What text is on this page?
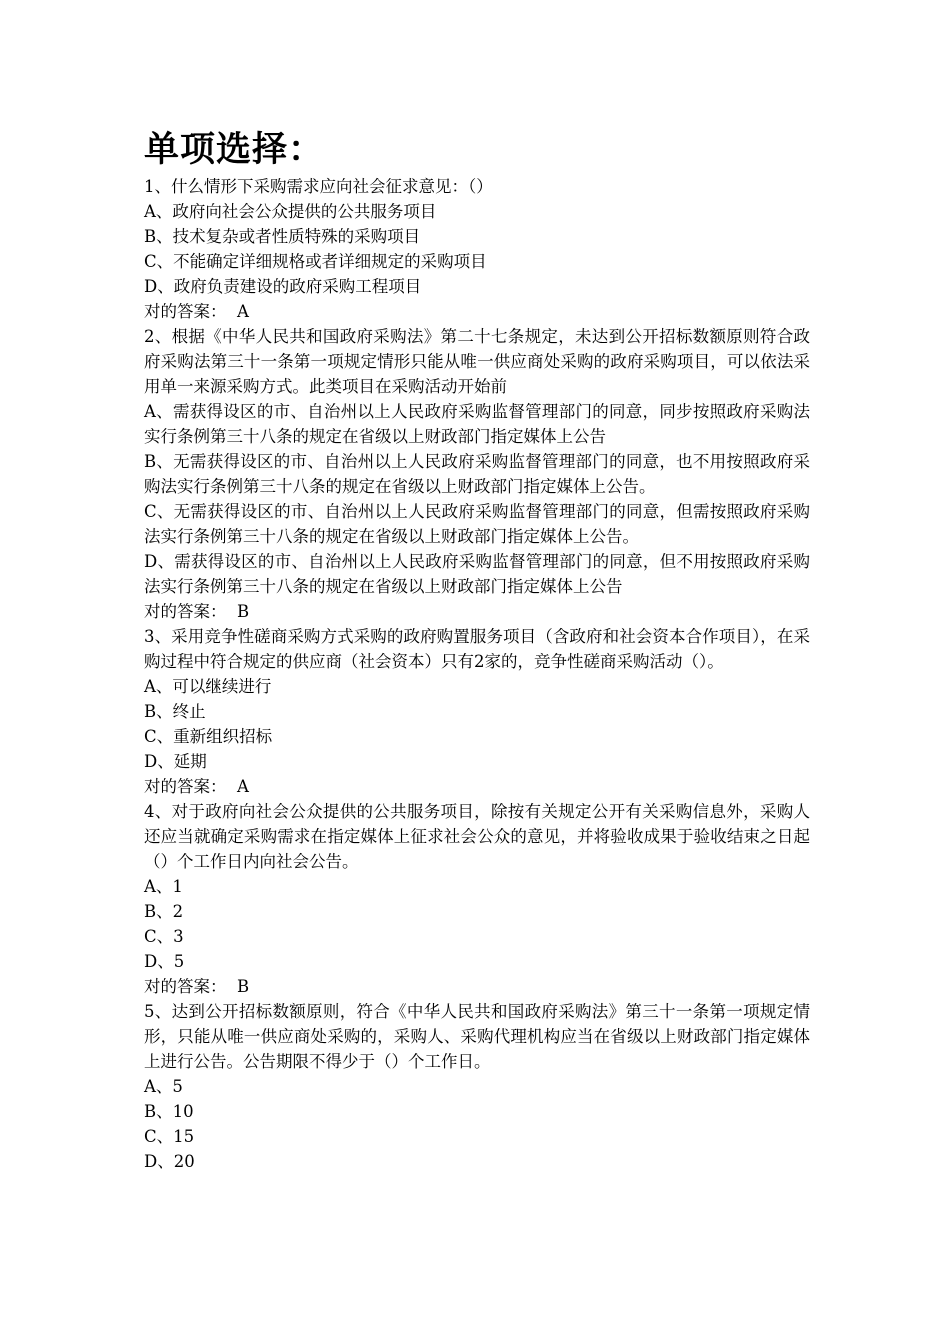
单项选择：
1、什么情形下采购需求应向社会征求意见：（）
A、政府向社会公众提供的公共服务项目
B、技术复杂或者性质特殊的采购项目
C、不能确定详细规格或者详细规定的采购项目
D、政府负责建设的政府采购工程项目
对的答案： A
2、根据《中华人民共和国政府采购法》第二十七条规定，未达到公开招标数额原则符合政府采购法第三十一条第一项规定情形只能从唯一供应商处采购的政府采购项目，可以依法采用单一来源采购方式。此类项目在采购活动开始前
A、需获得设区的市、自治州以上人民政府采购监督管理部门的同意，同步按照政府采购法实行条例第三十八条的规定在省级以上财政部门指定媒体上公告
B、无需获得设区的市、自治州以上人民政府采购监督管理部门的同意，也不用按照政府采购法实行条例第三十八条的规定在省级以上财政部门指定媒体上公告。
C、无需获得设区的市、自治州以上人民政府采购监督管理部门的同意，但需按照政府采购法实行条例第三十八条的规定在省级以上财政部门指定媒体上公告。
D、需获得设区的市、自治州以上人民政府采购监督管理部门的同意，但不用按照政府采购法实行条例第三十八条的规定在省级以上财政部门指定媒体上公告
对的答案： B
3、采用竞争性磋商采购方式采购的政府购置服务项目（含政府和社会资本合作项目），在采购过程中符合规定的供应商（社会资本）只有2家的，竞争性磋商采购活动（）。
A、可以继续进行
B、终止
C、重新组织招标
D、延期
对的答案： A
4、对于政府向社会公众提供的公共服务项目，除按有关规定公开有关采购信息外，采购人还应当就确定采购需求在指定媒体上征求社会公众的意见，并将验收成果于验收结束之日起（）个工作日内向社会公告。
A、1
B、2
C、3
D、5
对的答案： B
5、达到公开招标数额原则，符合《中华人民共和国政府采购法》第三十一条第一项规定情形，只能从唯一供应商处采购的，采购人、采购代理机构应当在省级以上财政部门指定媒体上进行公告。公告期限不得少于（）个工作日。
A、5
B、10
C、15
D、20
